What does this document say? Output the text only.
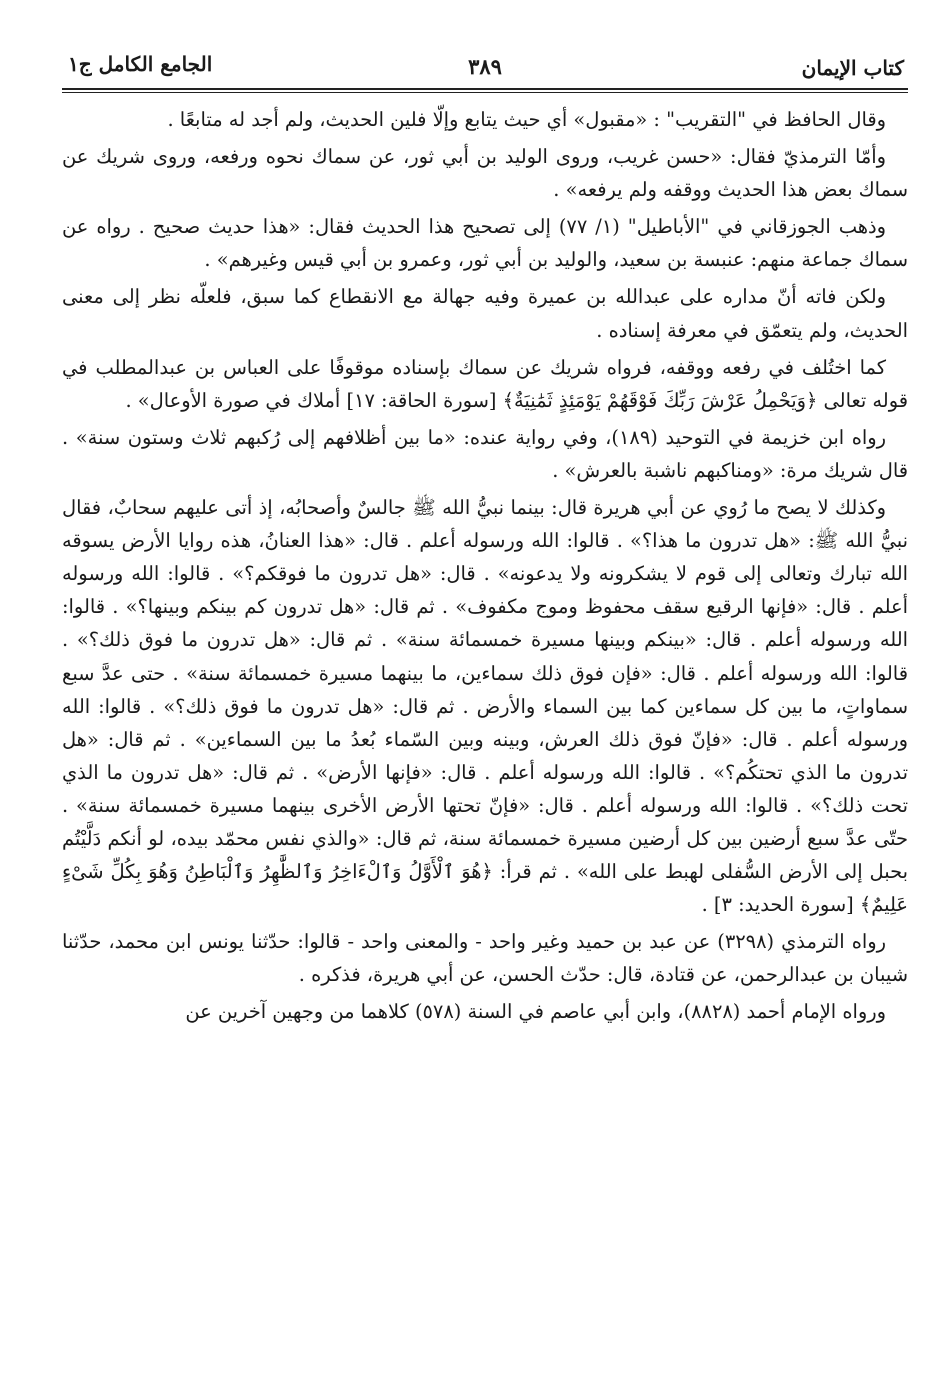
كتاب الإيمان
٣٨٩
الجامع الكامل ج١

وقال الحافظ في "التقريب" : «مقبول» أي حيث يتابع وإلّا فلين الحديث، ولم أجد له متابعًا .

وأمّا الترمذيّ فقال: «حسن غريب، وروى الوليد بن أبي ثور، عن سماك نحوه ورفعه، وروى شريك عن سماك بعض هذا الحديث ووقفه ولم يرفعه» .

وذهب الجوزقاني في "الأباطيل" (١/ ٧٧) إلى تصحيح هذا الحديث فقال: «هذا حديث صحيح . رواه عن سماك جماعة منهم: عنبسة بن سعيد، والوليد بن أبي ثور، وعمرو بن أبي قيس وغيرهم» .

ولكن فاته أنّ مداره على عبدالله بن عميرة وفيه جهالة مع الانقطاع كما سبق، فلعلّه نظر إلى معنى الحديث، ولم يتعمّق في معرفة إسناده .

كما اختُلف في رفعه ووقفه، فرواه شريك عن سماك بإسناده موقوفًا على العباس بن عبدالمطلب في قوله تعالى ﴿وَيَحْمِلُ عَرْشَ رَبِّكَ فَوْقَهُمْ يَوْمَئِذٍ ثَمَٰنِيَةٌ﴾ [سورة الحاقة: ١٧] أملاك في صورة الأوعال» .

رواه ابن خزيمة في التوحيد (١٨٩)، وفي رواية عنده: «ما بين أظلافهم إلى رُكبهم ثلاث وستون سنة» . قال شريك مرة: «ومناكبهم ناشبة بالعرش» .

وكذلك لا يصح ما رُوي عن أبي هريرة قال: بينما نبيُّ الله ﷺ جالسٌ وأصحابُه، إذ أتى عليهم سحابٌ، فقال نبيُّ الله ﷺ: «هل تدرون ما هذا؟» . قالوا: الله ورسوله أعلم . قال: «هذا العنانُ، هذه روايا الأرض يسوقه الله تبارك وتعالى إلى قوم لا يشكرونه ولا يدعونه» . قال: «هل تدرون ما فوقكم؟» . قالوا: الله ورسوله أعلم . قال: «فإنها الرقيع سقف محفوظ وموج مكفوف» . ثم قال: «هل تدرون كم بينكم وبينها؟» . قالوا: الله ورسوله أعلم . قال: «بينكم وبينها مسيرة خمسمائة سنة» . ثم قال: «هل تدرون ما فوق ذلك؟» . قالوا: الله ورسوله أعلم . قال: «فإن فوق ذلك سماءين، ما بينهما مسيرة خمسمائة سنة» . حتى عدَّ سبع سماواتٍ، ما بين كل سماءين كما بين السماء والأرض . ثم قال: «هل تدرون ما فوق ذلك؟» . قالوا: الله ورسوله أعلم . قال: «فإنّ فوق ذلك العرش، وبينه وبين السّماء بُعدُ ما بين السماءين» . ثم قال: «هل تدرون ما الذي تحتكُم؟» . قالوا: الله ورسوله أعلم . قال: «فإنها الأرض» . ثم قال: «هل تدرون ما الذي تحت ذلك؟» . قالوا: الله ورسوله أعلم . قال: «فإنّ تحتها الأرض الأخرى بينهما مسيرة خمسمائة سنة» . حتّى عدَّ سبع أرضين بين كل أرضين مسيرة خمسمائة سنة، ثم قال: «والذي نفس محمّد بيده، لو أنكم دَلَّيْتُم بحبل إلى الأرض السُّفلى لهبط على الله» . ثم قرأ: ﴿هُوَ ٱلْأَوَّلُ وَٱلْءَاخِرُ وَٱلظَّٰهِرُ وَٱلْبَاطِنُ وَهُوَ بِكُلِّ شَىْءٍ عَلِيمٌ﴾ [سورة الحديد: ٣] .

رواه الترمذي (٣٢٩٨) عن عبد بن حميد وغير واحد - والمعنى واحد - قالوا: حدّثنا يونس ابن محمد، حدّثنا شيبان بن عبدالرحمن، عن قتادة، قال: حدّث الحسن، عن أبي هريرة، فذكره .

ورواه الإمام أحمد (٨٨٢٨)، وابن أبي عاصم في السنة (٥٧٨) كلاهما من وجهين آخرين عن
